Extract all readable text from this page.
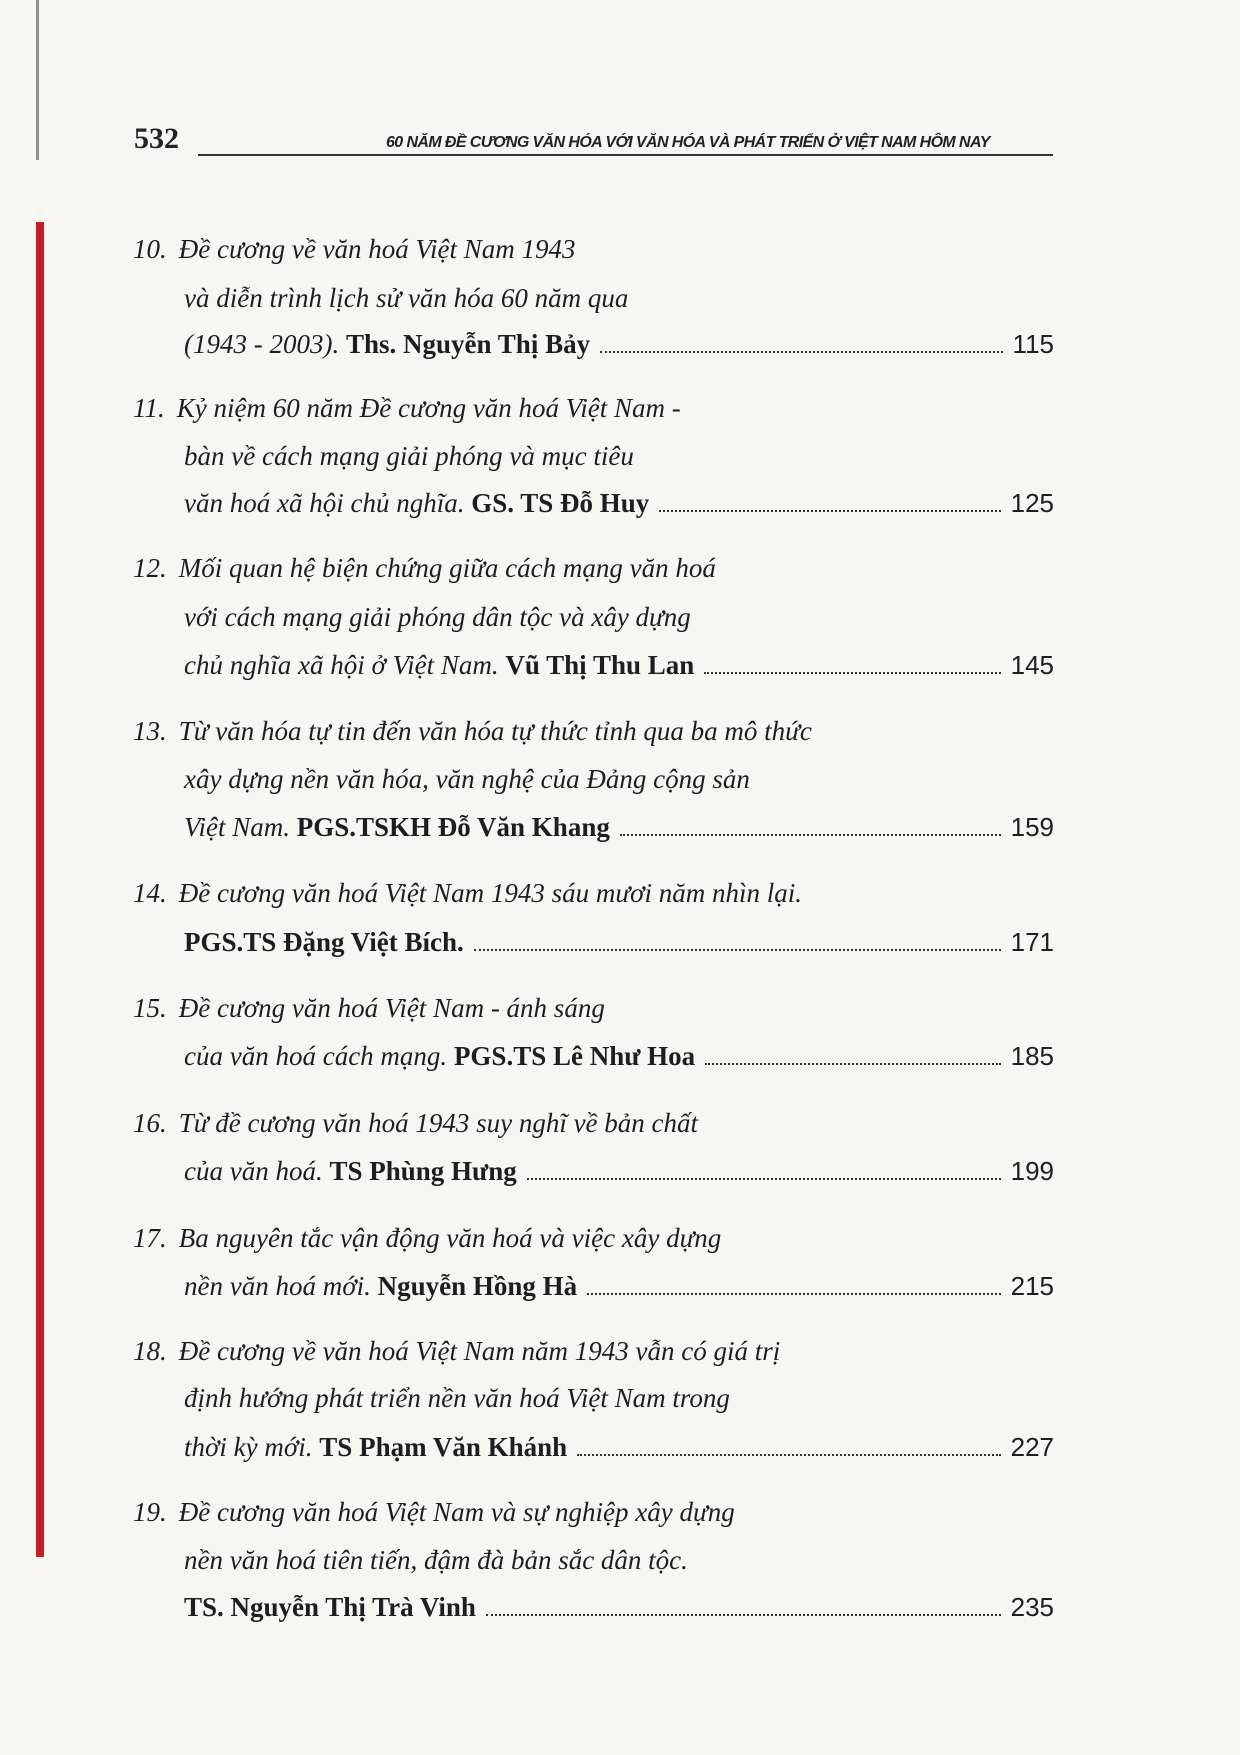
532	60 NĂM ĐỀ CƯƠNG VĂN HÓA VỚI VĂN HÓA VÀ PHÁT TRIỂN Ở VIỆT NAM HÔM NAY
10. Đề cương về văn hoá Việt Nam 1943
và diễn trình lịch sử văn hóa 60 năm qua
(1943 - 2003).
Ths. Nguyễn Thị Bảy	115
11. Kỷ niệm 60 năm Đề cương văn hoá Việt Nam -
bàn về cách mạng giải phóng và mục tiêu
văn hoá xã hội chủ nghĩa.
GS. TS Đỗ Huy	125
12. Mối quan hệ biện chứng giữa cách mạng văn hoá
với cách mạng giải phóng dân tộc và xây dựng
chủ nghĩa xã hội ở Việt Nam.
Vũ Thị Thu Lan	145
13. Từ văn hóa tự tin đến văn hóa tự thức tỉnh qua ba mô thức
xây dựng nền văn hóa, văn nghệ của Đảng cộng sản
Việt Nam.
PGS.TSKH Đỗ Văn Khang	159
14. Đề cương văn hoá Việt Nam 1943 sáu mươi năm nhìn lại.
PGS.TS Đặng Việt Bích.	171
15. Đề cương văn hoá Việt Nam - ánh sáng
của văn hoá cách mạng.
PGS.TS Lê Như Hoa	185
16. Từ đề cương văn hoá 1943 suy nghĩ về bản chất
của văn hoá.
TS Phùng Hưng	199
17. Ba nguyên tắc vận động văn hoá và việc xây dựng
nền văn hoá mới.
Nguyễn Hồng Hà	215
18. Đề cương về văn hoá Việt Nam năm 1943 vẫn có giá trị
định hướng phát triển nền văn hoá Việt Nam trong
thời kỳ mới.
TS Phạm Văn Khánh	227
19. Đề cương văn hoá Việt Nam và sự nghiệp xây dựng
nền văn hoá tiên tiến, đậm đà bản sắc dân tộc.
TS. Nguyễn Thị Trà Vinh	235
